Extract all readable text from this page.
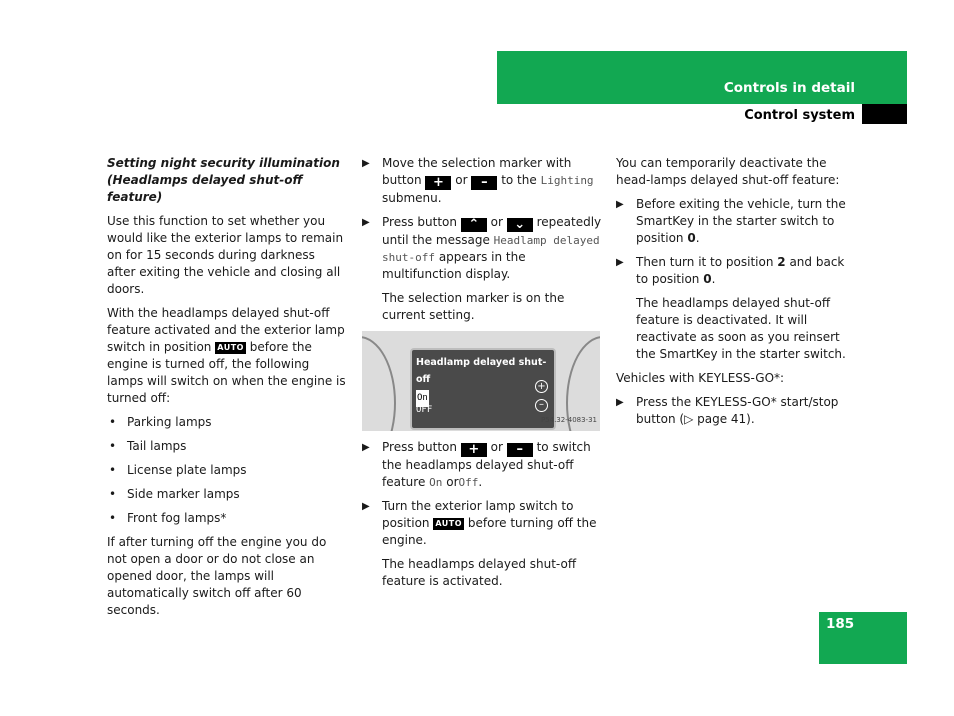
Controls in detail
Control system

Setting night security illumination
(Headlamps delayed shut-off feature)

Use this function to set whether you would like the exterior lamps to remain on for 15 seconds during darkness after exiting the vehicle and closing all doors.

With the headlamps delayed shut-off feature activated and the exterior lamp switch in position AUTO before the engine is turned off, the following lamps will switch on when the engine is turned off:

• Parking lamps
• Tail lamps
• License plate lamps
• Side marker lamps
• Front fog lamps*

If after turning off the engine you do not open a door or do not close an opened door, the lamps will automatically switch off after 60 seconds.

▶ Move the selection marker with button + or – to the Lighting submenu.
▶ Press button ⌃ or ⌄ repeatedly until the message Headlamp delayed shut-off appears in the multifunction display.

The selection marker is on the current setting.

Headlamp delayed shut-off
On
OFF
+
–
P54.32-4083-31
▶ Press button + or – to switch the headlamps delayed shut-off feature On orOff.
▶ Turn the exterior lamp switch to position AUTO before turning off the engine.

The headlamps delayed shut-off feature is activated.

You can temporarily deactivate the head-lamps delayed shut-off feature:

▶ Before exiting the vehicle, turn the SmartKey in the starter switch to position 0.
▶ Then turn it to position 2 and back to position 0.

The headlamps delayed shut-off feature is deactivated. It will reactivate as soon as you reinsert the SmartKey in the starter switch.

Vehicles with KEYLESS-GO*:

▶ Press the KEYLESS-GO* start/stop button (▷ page 41).
185
